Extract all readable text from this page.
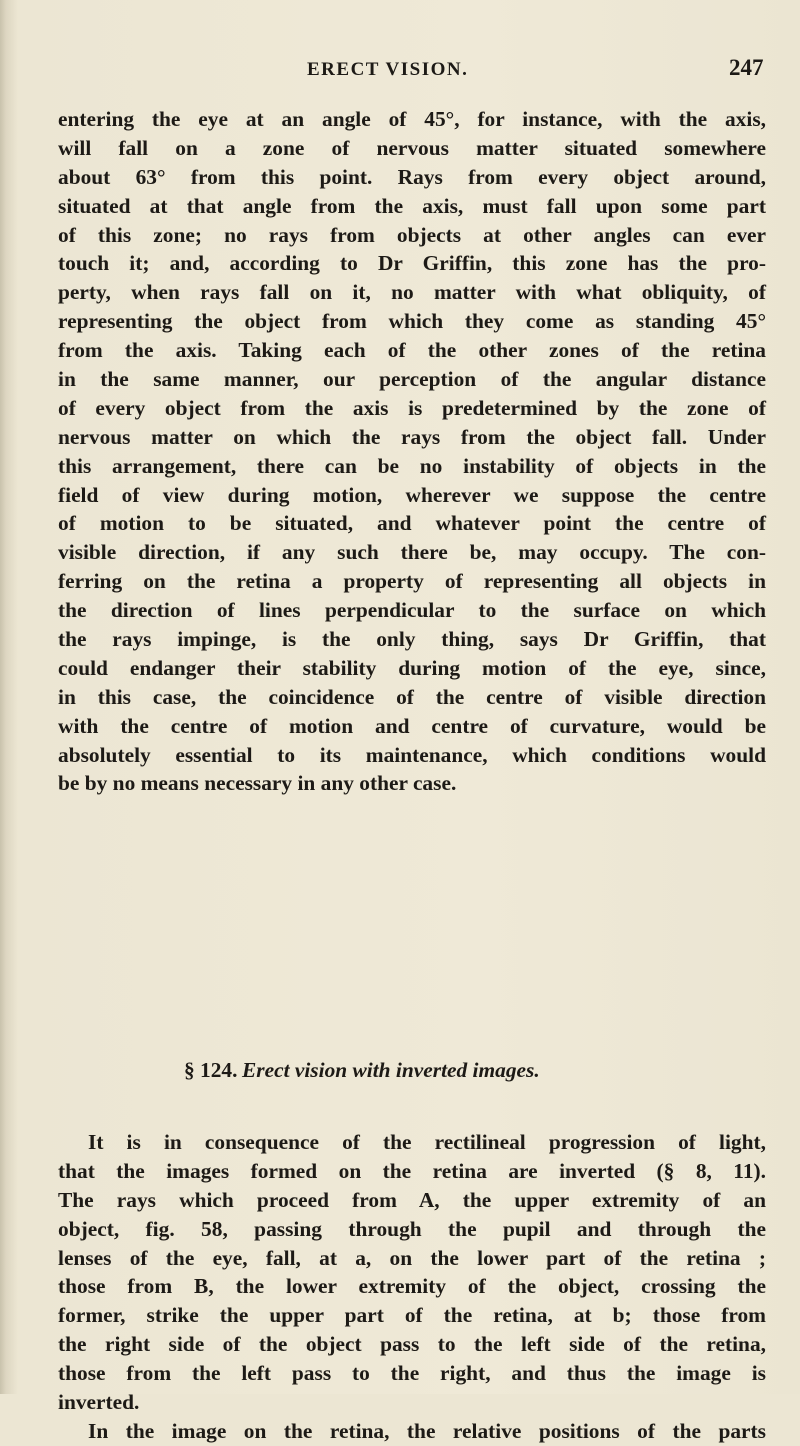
ERECT VISION.	247
entering the eye at an angle of 45°, for instance, with the axis,
will fall on a zone of nervous matter situated somewhere
about 63° from this point. Rays from every object around,
situated at that angle from the axis, must fall upon some part
of this zone; no rays from objects at other angles can ever
touch it; and, according to Dr Griffin, this zone has the pro-
perty, when rays fall on it, no matter with what obliquity, of
representing the object from which they come as standing 45°
from the axis. Taking each of the other zones of the retina
in the same manner, our perception of the angular distance
of every object from the axis is predetermined by the zone of
nervous matter on which the rays from the object fall. Under
this arrangement, there can be no instability of objects in the
field of view during motion, wherever we suppose the centre
of motion to be situated, and whatever point the centre of
visible direction, if any such there be, may occupy. The con-
ferring on the retina a property of representing all objects in
the direction of lines perpendicular to the surface on which
the rays impinge, is the only thing, says Dr Griffin, that
could endanger their stability during motion of the eye, since,
in this case, the coincidence of the centre of visible direction
with the centre of motion and centre of curvature, would be
absolutely essential to its maintenance, which conditions would
be by no means necessary in any other case.
§ 124. Erect vision with inverted images.
It is in consequence of the rectilineal progression of light,
that the images formed on the retina are inverted (§ 8, 11).
The rays which proceed from A, the upper extremity of an
object, fig. 58, passing through the pupil and through the
lenses of the eye, fall, at a, on the lower part of the retina ;
those from B, the lower extremity of the object, crossing the
former, strike the upper part of the retina, at b; those from
the right side of the object pass to the left side of the retina,
those from the left pass to the right, and thus the image is
inverted.
In the image on the retina, the relative positions of the parts
